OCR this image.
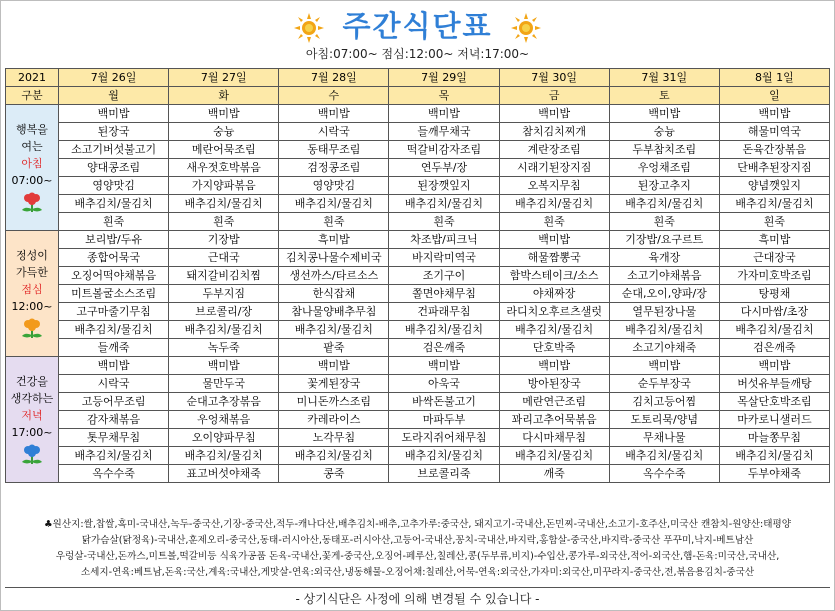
주간식단표
아침:07:00~ 점심:12:00~ 저녁:17:00~
2021	7월 26일	7월 27일	7월 28일	7월 29일	7월 30일	7월 31일	8월 1일
구분	월	화	수	목	금	토	일

행복을
여는
아침
07:00~	백미밥	백미밥	백미밥	백미밥	백미밥	백미밥	백미밥
	된장국	숭늉	시락국	들깨무채국	참치김치찌개	숭늉	해물미역국
	소고기버섯불고기	메란어묵조림	동태무조림	떡갈비감자조림	계란장조림	두부참치조림	돈육간장볶음
	양대콩조림	새우젓호박볶음	검정콩조림	연두부/장	시래기된장지짐	우엉채조림	단배추된장지짐
	영양맛김	가지양파볶음	영양맛김	된장깻잎지	오복지무침	된장고추지	양념깻잎지
	배추김치/물김치	배추김치/물김치	배추김치/물김치	배추김치/물김치	배추김치/물김치	배추김치/물김치	배추김치/물김치
	흰죽	흰죽	흰죽	흰죽	흰죽	흰죽	흰죽

정성이
가득한
점심
12:00~	보리밥/두유	기장밥	흑미밥	차조밥/피크닉	백미밥	기장밥/요구르트	흑미밥
	종합어묵국	근대국	김치콩나물수제비국	바지락미역국	해물짬뽕국	육개장	근대장국
	오징어떡야채볶음	돼지갈비김치찜	생선까스/타르소스	조기구이	함박스테이크/소스	소고기야채볶음	가자미호박조림
	미트볼굴소스조림	두부지짐	한식잡채	쫄면야채무침	야채짜장	순대,오이,양파/장	탕평채
	고구마줄기무침	브로콜리/장	참나물양배추무침	건파래무침	라디치오후르츠샐럿	열무된장나물	다시마쌈/초장
	배추김치/물김치	배추김치/물김치	배추김치/물김치	배추김치/물김치	배추김치/물김치	배추김치/물김치	배추김치/물김치
	들깨죽	녹두죽	팥죽	검은깨죽	단호박죽	소고기야채죽	검은깨죽

건강을
생각하는
저녁
17:00~	백미밥	백미밥	백미밥	백미밥	백미밥	백미밥	백미밥
	시락국	물만두국	꽃게된장국	아욱국	방아된장국	순두부장국	버섯유부들깨탕
	고등어무조림	순대고추장볶음	미니돈까스조림	바싹돈불고기	메란연근조림	김치고등어찜	목살단호박조림
	감자채볶음	우엉채볶음	카레라이스	마파두부	꽈리고추어묵볶음	도토리묵/양념	마카로니샐러드
	톳무채무침	오이양파무침	노각무침	도라지쥐어채무침	다시마채무침	무채나물	마늘쫑무침
	배추김치/물김치	배추김치/물김치	배추김치/물김치	배추김치/물김치	배추김치/물김치	배추김치/물김치	배추김치/물김치
	옥수수죽	표고버섯야채죽	콩죽	브로콜리죽	깨죽	옥수수죽	두부야채죽
♣원산지:쌀,찹쌀,흑미-국내산,녹두-중국산,기장-중국산,적두-캐나다산,배추김치-배추,고추가루:중국산, 돼지고기-국내산,돈민찌-국내산,소고기-호주산,미국산 캔참치-원양산:태평양
닭가슴살(닭정육)-국내산,훈제오리-중국산,동태-러시아산,동태포-러시아산,고등어-국내산,꽁치-국내산,바지락,홍합살-중국산,바지락-중국산 푸꾸미,낙지-베트남산
우렁살-국내산,돈까스,미트볼,떡갈비등 식육가공품 돈육-국내산,꽃게-중국산,오징어-페루산,칠레산,콩(두부류,비지)-수입산,콩가루-외국산,적어-외국산,햄-돈육:미국산,국내산,
소세지-연육:베트남,돈육:국산,계육:국내산,게맛살-연육:외국산,냉동해물-오징어채:칠레산,어묵-연육:외국산,가자미:외국산,미꾸라지-중국산,전,볶음용김치-중국산
- 상기식단은 사정에 의해 변경될 수 있습니다 -
